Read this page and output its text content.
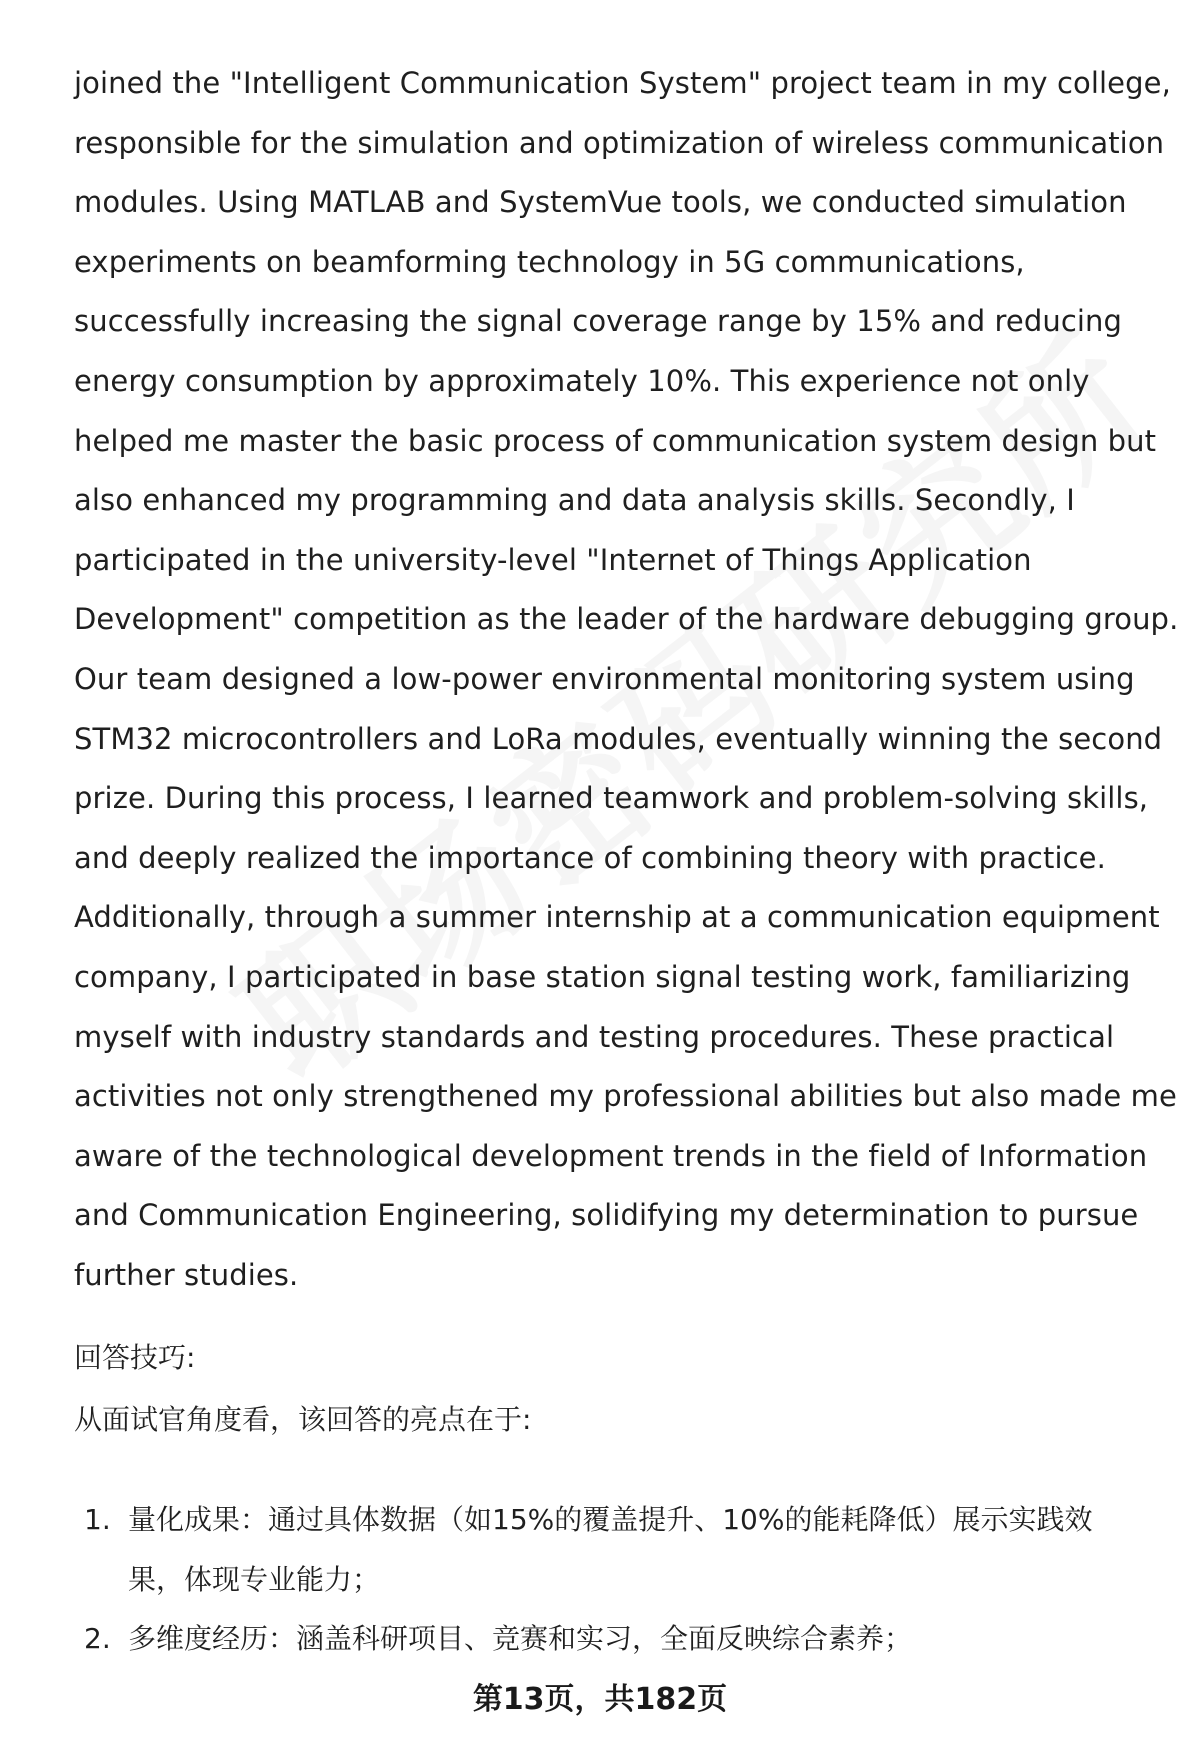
joined the "Intelligent Communication System" project team in my college,
responsible for the simulation and optimization of wireless communication
modules. Using MATLAB and SystemVue tools, we conducted simulation
experiments on beamforming technology in 5G communications,
successfully increasing the signal coverage range by 15% and reducing
energy consumption by approximately 10%. This experience not only
helped me master the basic process of communication system design but
also enhanced my programming and data analysis skills. Secondly, I
participated in the university-level "Internet of Things Application
Development" competition as the leader of the hardware debugging group.
Our team designed a low-power environmental monitoring system using
STM32 microcontrollers and LoRa modules, eventually winning the second
prize. During this process, I learned teamwork and problem-solving skills,
and deeply realized the importance of combining theory with practice.
Additionally, through a summer internship at a communication equipment
company, I participated in base station signal testing work, familiarizing
myself with industry standards and testing procedures. These practical
activities not only strengthened my professional abilities but also made me
aware of the technological development trends in the field of Information
and Communication Engineering, solidifying my determination to pursue
further studies.
回答技巧:
从面试官角度看，该回答的亮点在于:
1. 量化成果：通过具体数据（如15%的覆盖提升、10%的能耗降低）展示实践效
果，体现专业能力；
2. 多维度经历：涵盖科研项目、竞赛和实习，全面反映综合素养；
第13页，共182页
